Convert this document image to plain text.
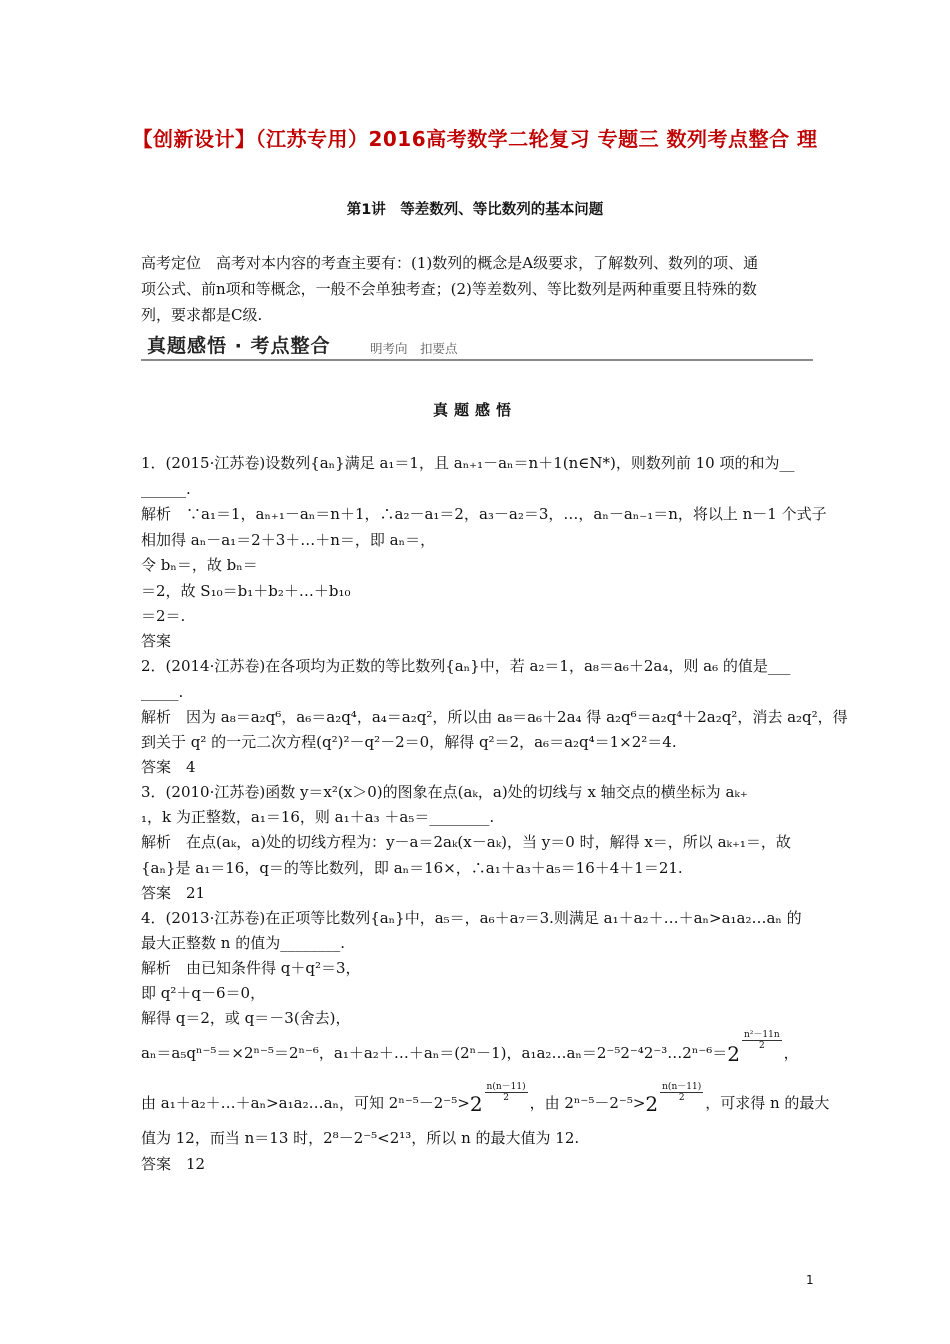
【创新设计】（江苏专用）2016高考数学二轮复习 专题三 数列考点整合 理
第1讲　等差数列、等比数列的基本问题
高考定位　高考对本内容的考查主要有：(1)数列的概念是A级要求，了解数列、数列的项、通
项公式、前n项和等概念，一般不会单独考查；(2)等差数列、等比数列是两种重要且特殊的数
列，要求都是C级.
真题感悟 · 考点整合	明考向　扣要点
真题感悟
1．(2015·江苏卷)设数列{aₙ}满足 a₁＝1，且 aₙ₊₁－aₙ＝n＋1(n∈N*)，则数列前 10 项的和为__
______.
解析　∵a₁＝1，aₙ₊₁－aₙ＝n＋1，∴a₂－a₁＝2，a₃－a₂＝3，…，aₙ－aₙ₋₁＝n，将以上 n－1 个式子
相加得 aₙ－a₁＝2＋3＋…＋n＝，即 aₙ＝，
令 bₙ＝，故 bₙ＝
＝2，故 S₁₀＝b₁＋b₂＋…＋b₁₀
＝2＝.
答案
2．(2014·江苏卷)在各项均为正数的等比数列{aₙ}中，若 a₂＝1，a₈＝a₆＋2a₄，则 a₆ 的值是___
_____.
解析　因为 a₈＝a₂q⁶，a₆＝a₂q⁴，a₄＝a₂q²，所以由 a₈＝a₆＋2a₄ 得 a₂q⁶＝a₂q⁴＋2a₂q²，消去 a₂q²，得
到关于 q² 的一元二次方程(q²)²－q²－2＝0，解得 q²＝2，a₆＝a₂q⁴＝1×2²＝4.
答案　4
3．(2010·江苏卷)函数 y＝x²(x＞0)的图象在点(aₖ，a)处的切线与 x 轴交点的横坐标为 aₖ₊
₁，k 为正整数，a₁＝16，则 a₁＋a₃ ＋a₅＝________.
解析　在点(aₖ，a)处的切线方程为：y－a＝2aₖ(x－aₖ)，当 y＝0 时，解得 x＝，所以 aₖ₊₁＝，故
{aₙ}是 a₁＝16，q＝的等比数列，即 aₙ＝16×，∴a₁＋a₃＋a₅＝16＋4＋1＝21.
答案　21
4．(2013·江苏卷)在正项等比数列{aₙ}中，a₅＝，a₆＋a₇＝3.则满足 a₁＋a₂＋…＋aₙ>a₁a₂…aₙ 的
最大正整数 n 的值为________.
解析　由已知条件得 q＋q²＝3，
即 q²＋q－6＝0，
解得 q＝2，或 q＝－3(舍去)，
aₙ＝a₅qⁿ⁻⁵＝×2ⁿ⁻⁵＝2ⁿ⁻⁶，a₁＋a₂＋…＋aₙ＝(2ⁿ－1)，a₁a₂…aₙ＝2⁻⁵2⁻⁴2⁻³…2ⁿ⁻⁶＝2
$\frac{\text{n²－11n}}{2}$
，
由 a₁＋a₂＋…＋aₙ>a₁a₂…aₙ，可知 $2^{n-5}-2^{-5}>2 \frac{n(n-11)}{2}$ ，由 $2^{n-5}-2^{-5}>2 \frac{n(n-11)}{2}$ ，可求得 n 的最大
值为 12，而当 n＝13 时，2⁸－2⁻⁵<2¹³，所以 n 的最大值为 12.
答案　12
1
